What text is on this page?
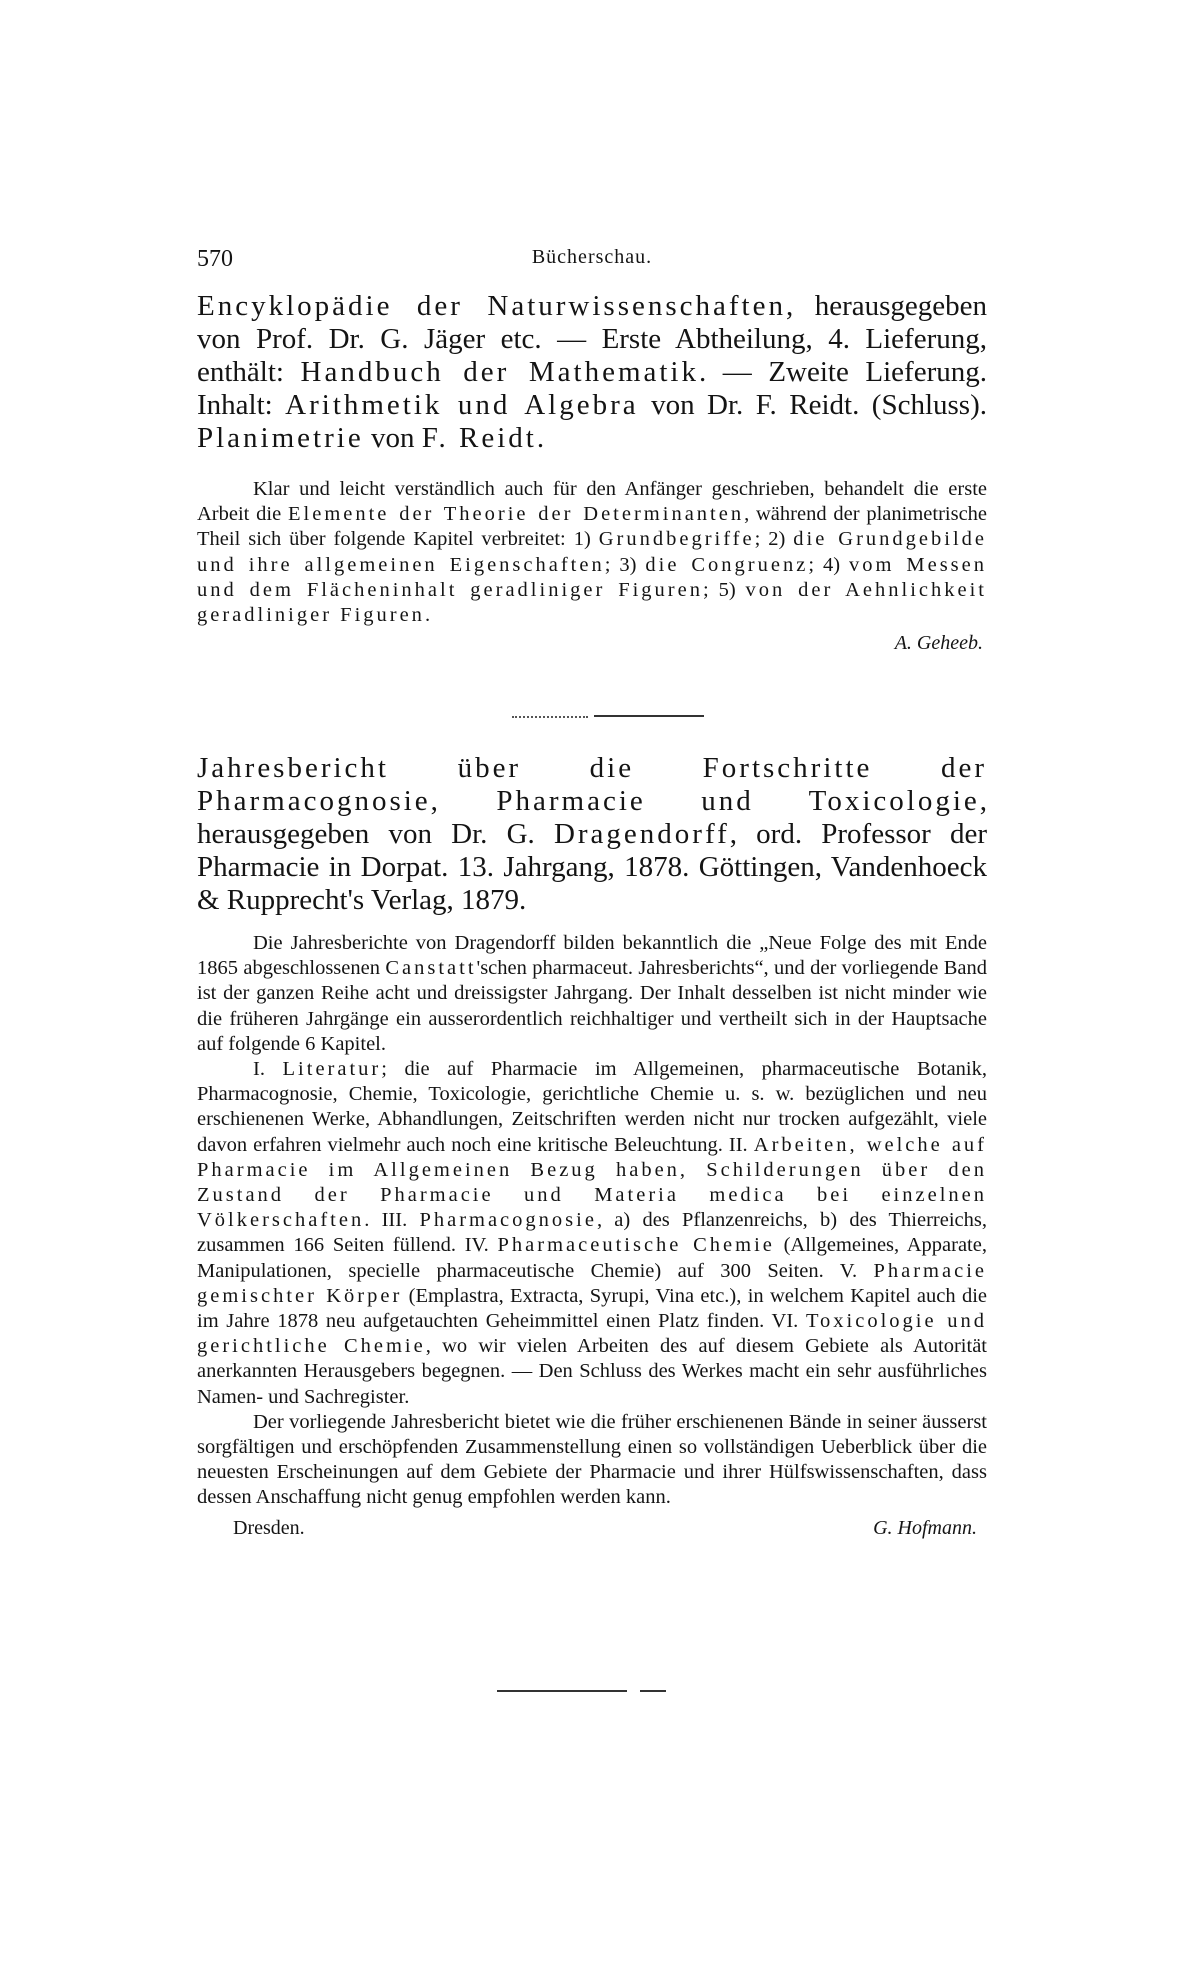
570	Bücherschau.

Encyklopädie der Naturwissenschaften, herausgegeben von Prof. Dr. G. Jäger etc. — Erste Abtheilung, 4. Lieferung, enthält: Handbuch der Mathematik. — Zweite Lieferung. Inhalt: Arithmetik und Algebra von Dr. F. Reidt. (Schluss). Planimetrie von F. Reidt.

Klar und leicht verständlich auch für den Anfänger geschrieben, behandelt die erste Arbeit die Elemente der Theorie der Determinanten, während der planimetrische Theil sich über folgende Kapitel verbreitet: 1) Grundbegriffe; 2) die Grundgebilde und ihre allgemeinen Eigenschaften; 3) die Congruenz; 4) vom Messen und dem Flächeninhalt geradliniger Figuren; 5) von der Aehnlichkeit geradliniger Figuren.

A. Geheeb.

Jahresbericht über die Fortschritte der Pharmacognosie, Pharmacie und Toxicologie, herausgegeben von Dr. G. Dragendorff, ord. Professor der Pharmacie in Dorpat. 13. Jahrgang, 1878. Göttingen, Vandenhoeck & Rupprecht's Verlag, 1879.

Die Jahresberichte von Dragendorff bilden bekanntlich die „Neue Folge des mit Ende 1865 abgeschlossenen Canstatt'schen pharmaceut. Jahresberichts“, und der vorliegende Band ist der ganzen Reihe acht und dreissigster Jahrgang. Der Inhalt desselben ist nicht minder wie die früheren Jahrgänge ein ausserordentlich reichhaltiger und vertheilt sich in der Hauptsache auf folgende 6 Kapitel.

I. Literatur; die auf Pharmacie im Allgemeinen, pharmaceutische Botanik, Pharmacognosie, Chemie, Toxicologie, gerichtliche Chemie u. s. w. bezüglichen und neu erschienenen Werke, Abhandlungen, Zeitschriften werden nicht nur trocken aufgezählt, viele davon erfahren vielmehr auch noch eine kritische Beleuchtung. II. Arbeiten, welche auf Pharmacie im Allgemeinen Bezug haben, Schilderungen über den Zustand der Pharmacie und Materia medica bei einzelnen Völkerschaften. III. Pharmacognosie, a) des Pflanzenreichs, b) des Thierreichs, zusammen 166 Seiten füllend. IV. Pharmaceutische Chemie (Allgemeines, Apparate, Manipulationen, specielle pharmaceutische Chemie) auf 300 Seiten. V. Pharmacie gemischter Körper (Emplastra, Extracta, Syrupi, Vina etc.), in welchem Kapitel auch die im Jahre 1878 neu aufgetauchten Geheimmittel einen Platz finden. VI. Toxicologie und gerichtliche Chemie, wo wir vielen Arbeiten des auf diesem Gebiete als Autorität anerkannten Herausgebers begegnen. — Den Schluss des Werkes macht ein sehr ausführliches Namen- und Sachregister.

Der vorliegende Jahresbericht bietet wie die früher erschienenen Bände in seiner äusserst sorgfältigen und erschöpfenden Zusammenstellung einen so vollständigen Ueberblick über die neuesten Erscheinungen auf dem Gebiete der Pharmacie und ihrer Hülfswissenschaften, dass dessen Anschaffung nicht genug empfohlen werden kann.

Dresden.	G. Hofmann.
